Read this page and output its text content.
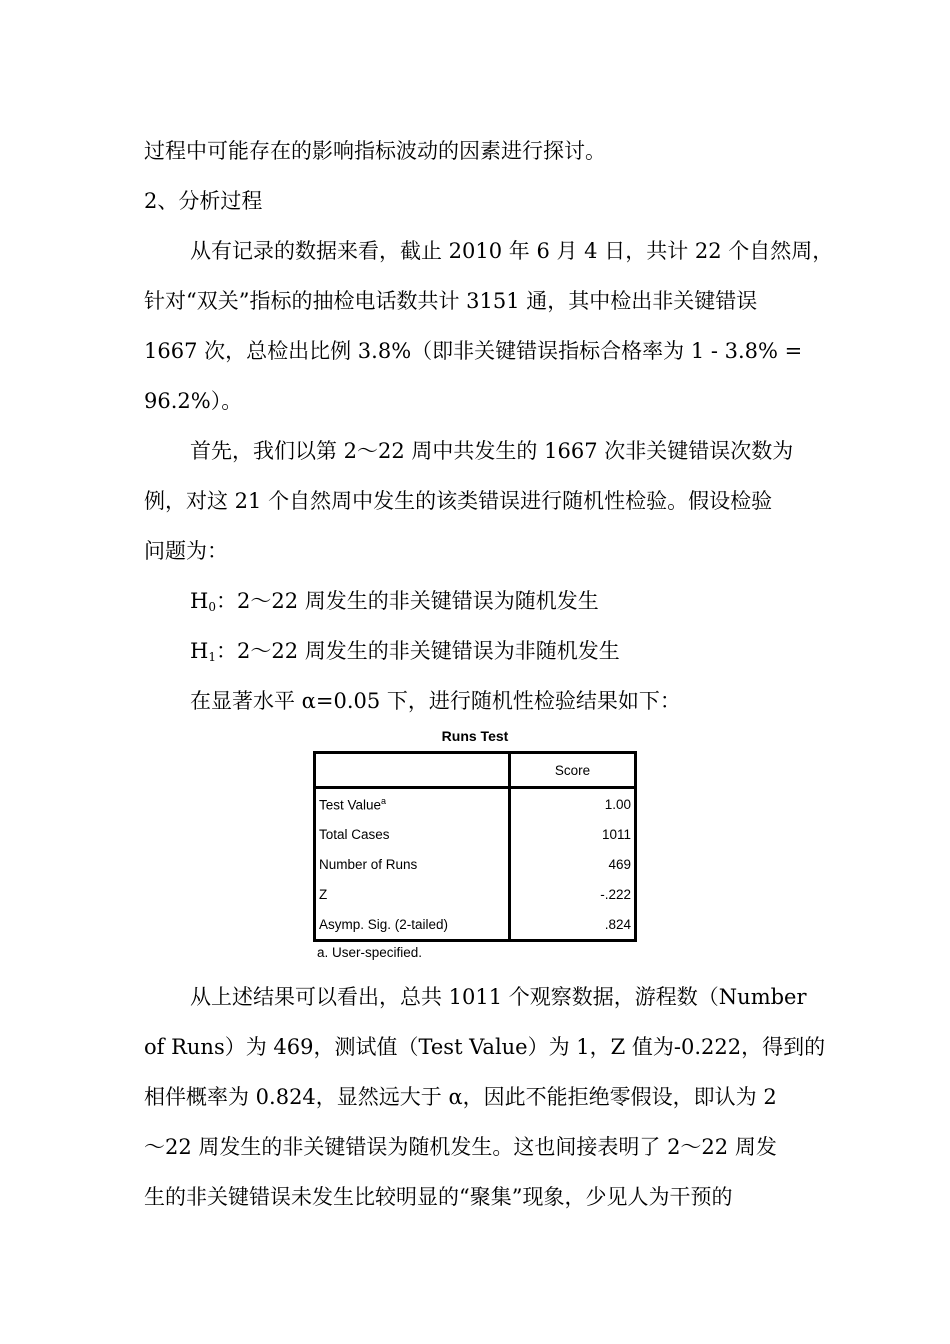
过程中可能存在的影响指标波动的因素进行探讨。
2、分析过程
从有记录的数据来看，截止 2010 年 6 月 4 日，共计 22 个自然周，
针对“双关”指标的抽检电话数共计 3151 通，其中检出非关键错误
1667 次，总检出比例 3.8%（即非关键错误指标合格率为 1 - 3.8% =
96.2%）。
首先，我们以第 2～22 周中共发生的 1667 次非关键错误次数为
例，对这 21 个自然周中发生的该类错误进行随机性检验。假设检验
问题为：
$H_0$：2～22 周发生的非关键错误为随机发生
$H_1$：2～22 周发生的非关键错误为非随机发生
在显著水平 α=0.05 下，进行随机性检验结果如下：
Runs Test
	Score
Test Value$^a$	1.00
Total Cases	1011
Number of Runs	469
Z	-.222
Asymp. Sig. (2-tailed)	.824
a. User-specified.
从上述结果可以看出，总共 1011 个观察数据，游程数（Number
of Runs）为 469，测试值（Test Value）为 1，Z 值为-0.222，得到的
相伴概率为 0.824，显然远大于 α，因此不能拒绝零假设，即认为 2
～22 周发生的非关键错误为随机发生。这也间接表明了 2～22 周发
生的非关键错误未发生比较明显的“聚集”现象，少见人为干预的
